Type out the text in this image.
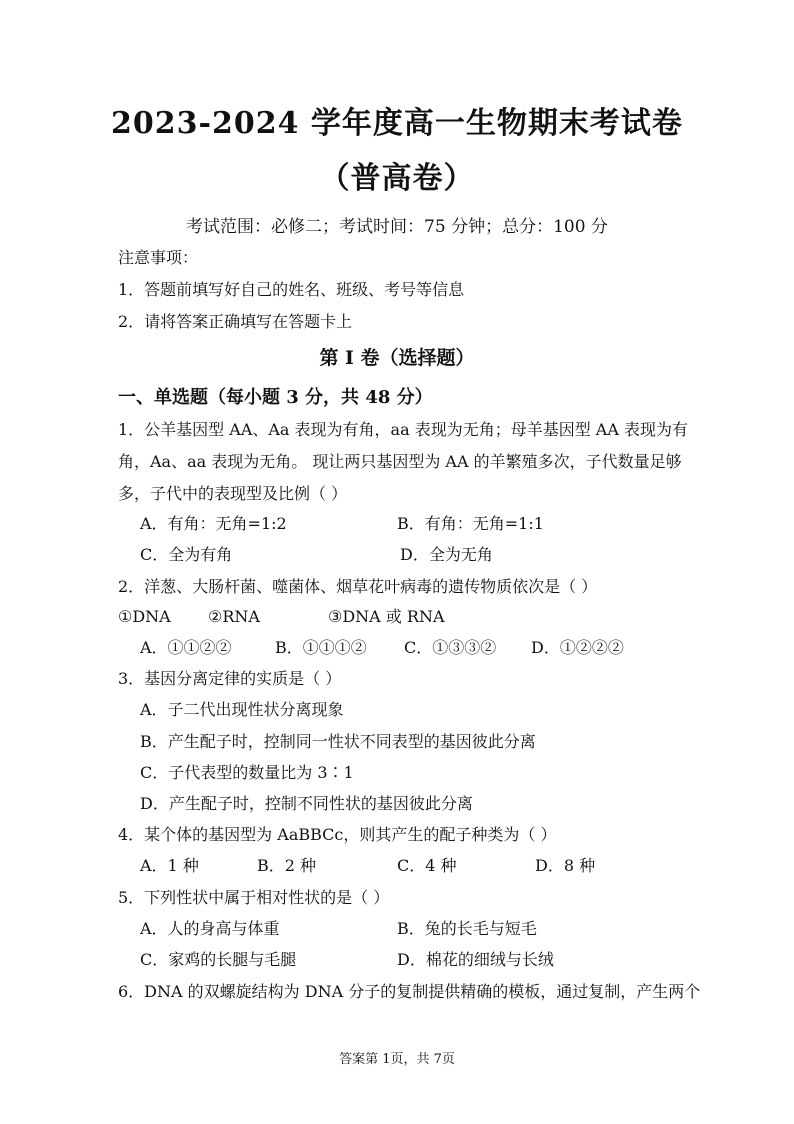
2023-2024 学年度高一生物期末考试卷
（普高卷）
考试范围：必修二；考试时间：75 分钟；总分：100 分
注意事项：
1．答题前填写好自己的姓名、班级、考号等信息
2．请将答案正确填写在答题卡上
第 I 卷（选择题）
一、单选题（每小题 3 分，共 48 分）
1．公羊基因型 AA、Aa 表现为有角，aa 表现为无角；母羊基因型 AA 表现为有
角，Aa、aa 表现为无角。 现让两只基因型为 AA 的羊繁殖多次，子代数量足够
多，子代中的表现型及比例（ ）
A．有角：无角=1:2	B．有角：无角=1:1
C．全为有角	D．全为无角
2．洋葱、大肠杆菌、噬菌体、烟草花叶病毒的遗传物质依次是（ ）
①DNA ②RNA	③DNA 或 RNA
A．①①②②	B．①①①② C．①③③② D．①②②②
3．基因分离定律的实质是（ ）
A．子二代出现性状分离现象
B．产生配子时，控制同一性状不同表型的基因彼此分离
C．子代表型的数量比为 3∶1
D．产生配子时，控制不同性状的基因彼此分离
4．某个体的基因型为 AaBBCc，则其产生的配子种类为（ ）
A．1 种	B．2 种	C．4 种	D．8 种
5．下列性状中属于相对性状的是（ ）
A．人的身高与体重	B．兔的长毛与短毛
C．家鸡的长腿与毛腿	D．棉花的细绒与长绒
6．DNA 的双螺旋结构为 DNA 分子的复制提供精确的模板，通过复制，产生两个
答案第 1页，共 7页
